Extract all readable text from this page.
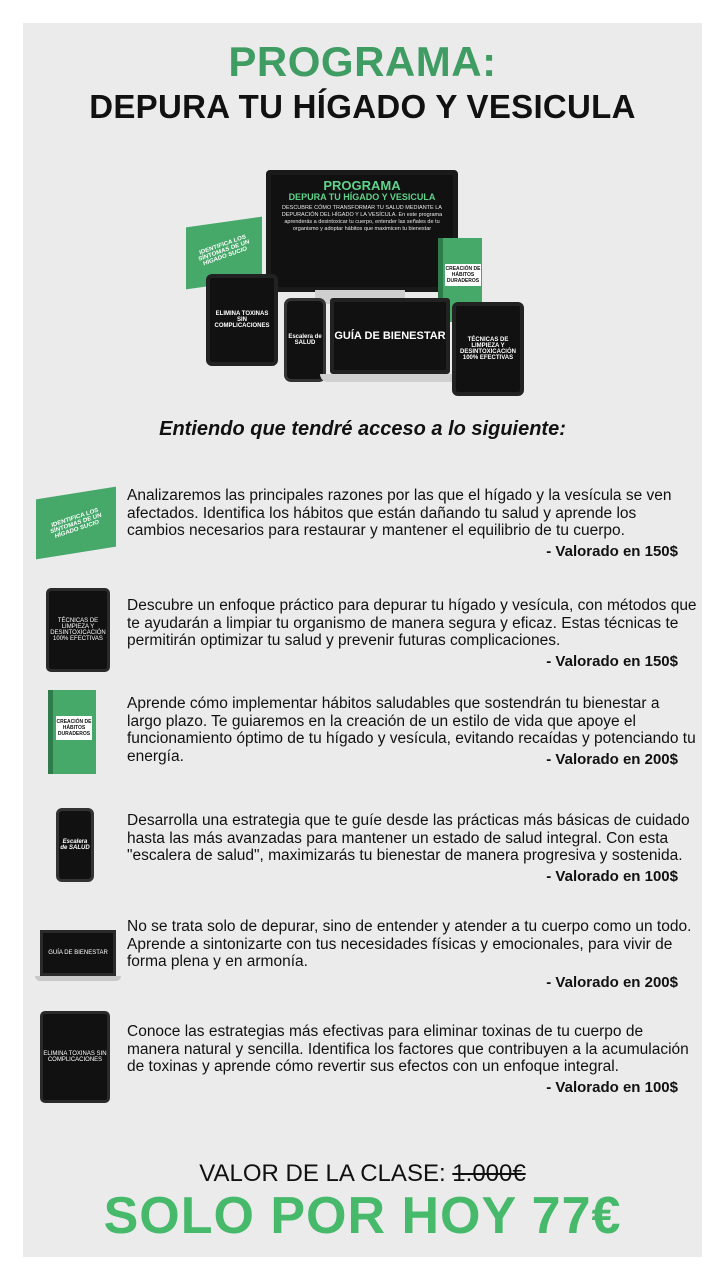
PROGRAMA:
DEPURA TU HÍGADO Y VESICULA
IDENTIFICA LOS SÍNTOMAS DE UN HÍGADO SUCIO
PROGRAMA
DEPURA TU HÍGADO Y VESICULA
DESCUBRE CÓMO TRANSFORMAR TU SALUD MEDIANTE LA DEPURACIÓN DEL HÍGADO Y LA VESÍCULA. En este programa aprenderás a desintoxicar tu cuerpo, entender las señales de tu organismo y adoptar hábitos que maximicen tu bienestar
CREACIÓN DE HÁBITOS DURADEROS
ELIMINA TOXINAS SIN COMPLICACIONES
Escalera de SALUD
GUÍA DE BIENESTAR	TÉCNICAS DE LIMPIEZA Y DESINTOXICACIÓN 100% EFECTIVAS
Entiendo que tendré acceso a lo siguiente:
IDENTIFICA LOS SÍNTOMAS DE UN HÍGADO SUCIO
Analizaremos las principales razones por las que el hígado y la vesícula se ven afectados. Identifica los hábitos que están dañando tu salud y aprende los cambios necesarios para restaurar y mantener el equilibrio de tu cuerpo.
- Valorado en 150$
TÉCNICAS DE LIMPIEZA Y DESINTOXICACIÓN 100% EFECTIVAS
Descubre un enfoque práctico para depurar tu hígado y vesícula, con métodos que te ayudarán a limpiar tu organismo de manera segura y eficaz. Estas técnicas te permitirán optimizar tu salud y prevenir futuras complicaciones.
- Valorado en 150$
CREACIÓN DE HÁBITOS DURADEROS
Aprende cómo implementar hábitos saludables que sostendrán tu bienestar a largo plazo. Te guiaremos en la creación de un estilo de vida que apoye el funcionamiento óptimo de tu hígado y vesícula, evitando recaídas y potenciando tu energía.	- Valorado en 200$
Escalera de SALUD
Desarrolla una estrategia que te guíe desde las prácticas más básicas de cuidado hasta las más avanzadas para mantener un estado de salud integral. Con esta "escalera de salud", maximizarás tu bienestar de manera progresiva y sostenida.
- Valorado en 100$
GUÍA DE BIENESTAR
No se trata solo de depurar, sino de entender y atender a tu cuerpo como un todo. Aprende a sintonizarte con tus necesidades físicas y emocionales, para vivir de forma plena y en armonía.
- Valorado en 200$
ELIMINA TOXINAS SIN COMPLICACIONES
Conoce las estrategias más efectivas para eliminar toxinas de tu cuerpo de manera natural y sencilla. Identifica los factores que contribuyen a la acumulación de toxinas y aprende cómo revertir sus efectos con un enfoque integral.
- Valorado en 100$
VALOR DE LA CLASE: 1.000€
SOLO POR HOY 77€
